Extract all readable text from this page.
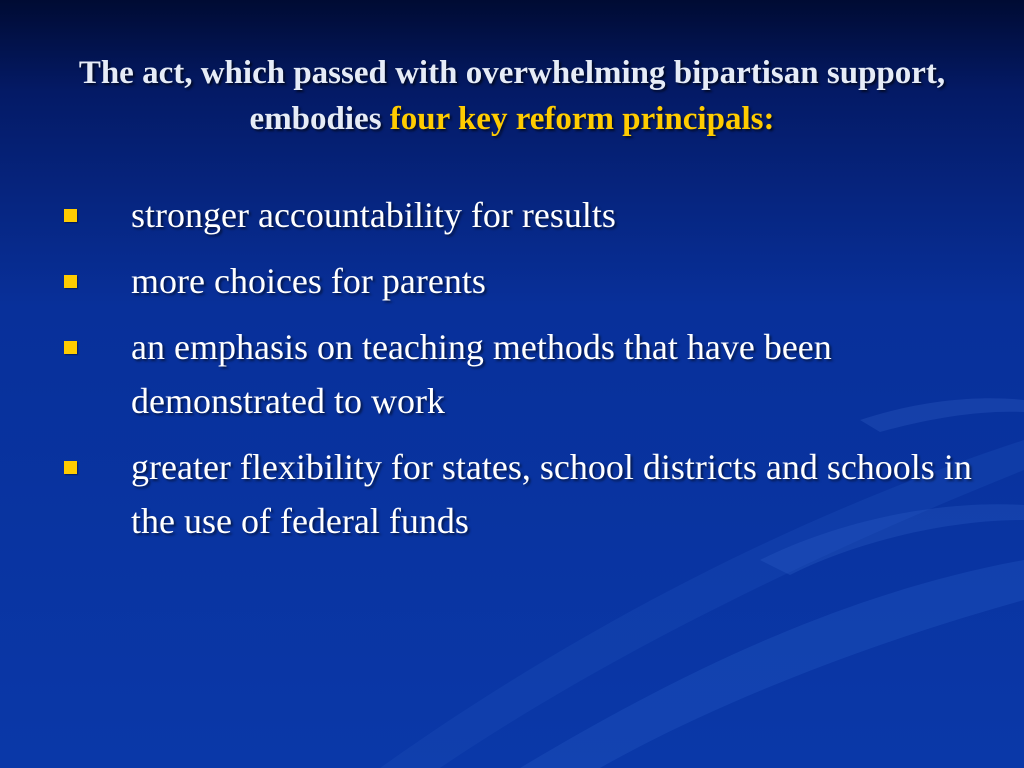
The act, which passed with overwhelming bipartisan support, embodies four key reform principals:
stronger accountability for results
more choices for parents
an emphasis on teaching methods that have been demonstrated to work
greater flexibility for states, school districts and schools in the use of federal funds
